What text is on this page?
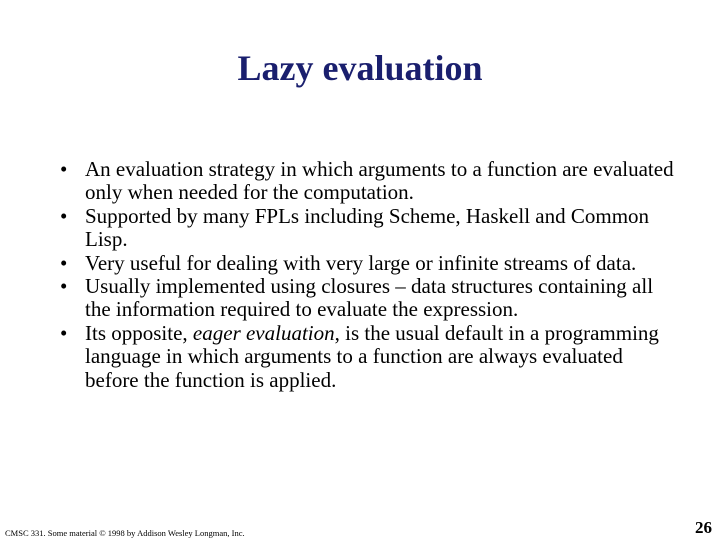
Lazy evaluation
• An evaluation strategy in which arguments to a function are evaluated only when needed for the computation.
• Supported by many FPLs including Scheme, Haskell and Common Lisp.
• Very useful for dealing with very large or infinite streams of data.
• Usually implemented using closures – data structures containing all the information required to evaluate the expression.
• Its opposite, eager evaluation, is the usual default in a programming language in which arguments to a function are always evaluated before the function is applied.
CMSC 331. Some material © 1998 by Addison Wesley Longman, Inc.	26
